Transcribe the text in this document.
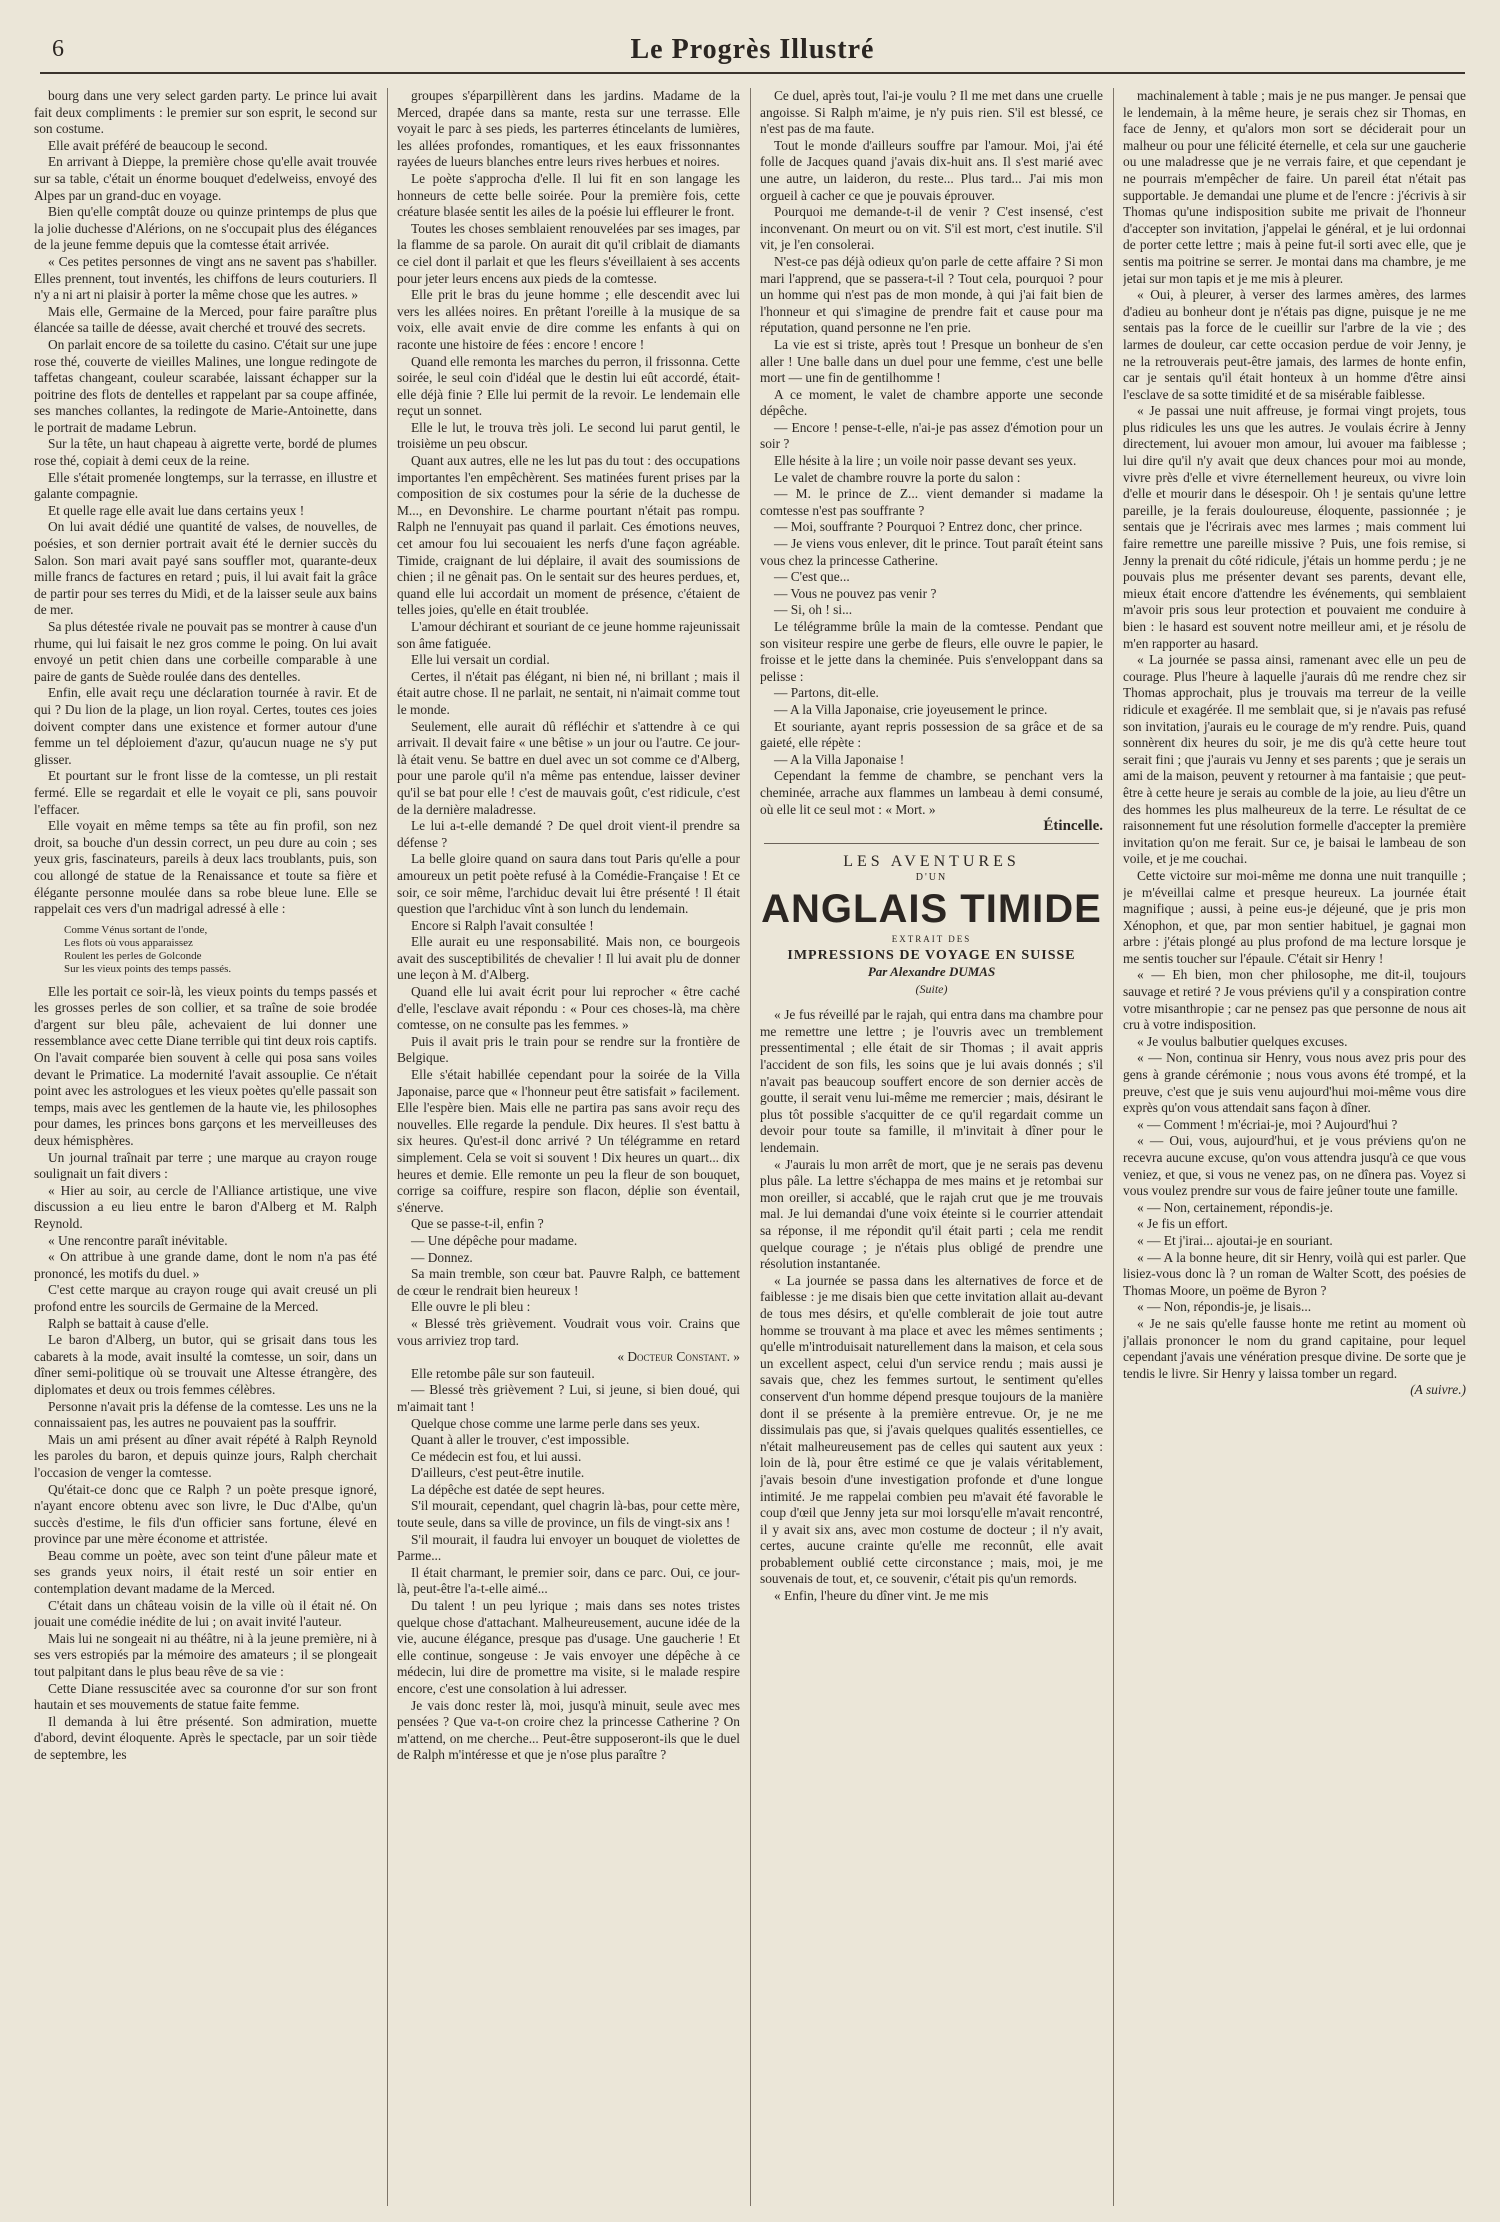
6	Le Progrès Illustré

bourg dans une very select garden party. Le prince lui avait fait deux compliments : le premier sur son esprit, le second sur son costume.

Elle avait préféré de beaucoup le second.

En arrivant à Dieppe, la première chose qu'elle avait trouvée sur sa table, c'était un énorme bouquet d'edelweiss, envoyé des Alpes par un grand-duc en voyage.

Bien qu'elle comptât douze ou quinze printemps de plus que la jolie duchesse d'Alérions, on ne s'occupait plus des élégances de la jeune femme depuis que la comtesse était arrivée.

« Ces petites personnes de vingt ans ne savent pas s'habiller. Elles prennent, tout inventés, les chiffons de leurs couturiers. Il n'y a ni art ni plaisir à porter la même chose que les autres. »

Mais elle, Germaine de la Merced, pour faire paraître plus élancée sa taille de déesse, avait cherché et trouvé des secrets.

On parlait encore de sa toilette du casino. C'était sur une jupe rose thé, couverte de vieilles Malines, une longue redingote de taffetas changeant, couleur scarabée, laissant échapper sur la poitrine des flots de dentelles et rappelant par sa coupe affinée, ses manches collantes, la redingote de Marie-Antoinette, dans le portrait de madame Lebrun.

Sur la tête, un haut chapeau à aigrette verte, bordé de plumes rose thé, copiait à demi ceux de la reine.

Elle s'était promenée longtemps, sur la terrasse, en illustre et galante compagnie.

Et quelle rage elle avait lue dans certains yeux !

On lui avait dédié une quantité de valses, de nouvelles, de poésies, et son dernier portrait avait été le dernier succès du Salon. Son mari avait payé sans souffler mot, quarante-deux mille francs de factures en retard ; puis, il lui avait fait la grâce de partir pour ses terres du Midi, et de la laisser seule aux bains de mer.

Sa plus détestée rivale ne pouvait pas se montrer à cause d'un rhume, qui lui faisait le nez gros comme le poing. On lui avait envoyé un petit chien dans une corbeille comparable à une paire de gants de Suède roulée dans des dentelles.

Enfin, elle avait reçu une déclaration tournée à ravir. Et de qui ? Du lion de la plage, un lion royal. Certes, toutes ces joies doivent compter dans une existence et former autour d'une femme un tel déploiement d'azur, qu'aucun nuage ne s'y put glisser.

Et pourtant sur le front lisse de la comtesse, un pli restait fermé. Elle se regardait et elle le voyait ce pli, sans pouvoir l'effacer.

Elle voyait en même temps sa tête au fin profil, son nez droit, sa bouche d'un dessin correct, un peu dure au coin ; ses yeux gris, fascinateurs, pareils à deux lacs troublants, puis, son cou allongé de statue de la Renaissance et toute sa fière et élégante personne moulée dans sa robe bleue lune. Elle se rappelait ces vers d'un madrigal adressé à elle :

Comme Vénus sortant de l'onde,
Les flots où vous apparaissez
Roulent les perles de Golconde
Sur les vieux points des temps passés.

Elle les portait ce soir-là, les vieux points du temps passés et les grosses perles de son collier, et sa traîne de soie brodée d'argent sur bleu pâle, achevaient de lui donner une ressemblance avec cette Diane terrible qui tint deux rois captifs. On l'avait comparée bien souvent à celle qui posa sans voiles devant le Primatice. La modernité l'avait assouplie. Ce n'était point avec les astrologues et les vieux poètes qu'elle passait son temps, mais avec les gentlemen de la haute vie, les philosophes pour dames, les princes bons garçons et les merveilleuses des deux hémisphères.

Un journal traînait par terre ; une marque au crayon rouge soulignait un fait divers :

« Hier au soir, au cercle de l'Alliance artistique, une vive discussion a eu lieu entre le baron d'Alberg et M. Ralph Reynold.

« Une rencontre paraît inévitable.

« On attribue à une grande dame, dont le nom n'a pas été prononcé, les motifs du duel. »

C'est cette marque au crayon rouge qui avait creusé un pli profond entre les sourcils de Germaine de la Merced.

Ralph se battait à cause d'elle.

Le baron d'Alberg, un butor, qui se grisait dans tous les cabarets à la mode, avait insulté la comtesse, un soir, dans un dîner semi-politique où se trouvait une Altesse étrangère, des diplomates et deux ou trois femmes célèbres.

Personne n'avait pris la défense de la comtesse. Les uns ne la connaissaient pas, les autres ne pouvaient pas la souffrir.

Mais un ami présent au dîner avait répété à Ralph Reynold les paroles du baron, et depuis quinze jours, Ralph cherchait l'occasion de venger la comtesse.

Qu'était-ce donc que ce Ralph ? un poète presque ignoré, n'ayant encore obtenu avec son livre, le Duc d'Albe, qu'un succès d'estime, le fils d'un officier sans fortune, élevé en province par une mère économe et attristée.

Beau comme un poète, avec son teint d'une pâleur mate et ses grands yeux noirs, il était resté un soir entier en contemplation devant madame de la Merced.

C'était dans un château voisin de la ville où il était né. On jouait une comédie inédite de lui ; on avait invité l'auteur.

Mais lui ne songeait ni au théâtre, ni à la jeune première, ni à ses vers estropiés par la mémoire des amateurs ; il se plongeait tout palpitant dans le plus beau rêve de sa vie :

Cette Diane ressuscitée avec sa couronne d'or sur son front hautain et ses mouvements de statue faite femme.

Il demanda à lui être présenté. Son admiration, muette d'abord, devint éloquente. Après le spectacle, par un soir tiède de septembre, les

groupes s'éparpillèrent dans les jardins. Madame de la Merced, drapée dans sa mante, resta sur une terrasse. Elle voyait le parc à ses pieds, les parterres étincelants de lumières, les allées profondes, romantiques, et les eaux frissonnantes rayées de lueurs blanches entre leurs rives herbues et noires.

Le poète s'approcha d'elle. Il lui fit en son langage les honneurs de cette belle soirée. Pour la première fois, cette créature blasée sentit les ailes de la poésie lui effleurer le front.

Toutes les choses semblaient renouvelées par ses images, par la flamme de sa parole. On aurait dit qu'il criblait de diamants ce ciel dont il parlait et que les fleurs s'éveillaient à ses accents pour jeter leurs encens aux pieds de la comtesse.

Elle prit le bras du jeune homme ; elle descendit avec lui vers les allées noires. En prêtant l'oreille à la musique de sa voix, elle avait envie de dire comme les enfants à qui on raconte une histoire de fées : encore ! encore !

Quand elle remonta les marches du perron, il frissonna. Cette soirée, le seul coin d'idéal que le destin lui eût accordé, était-elle déjà finie ? Elle lui permit de la revoir. Le lendemain elle reçut un sonnet.

Elle le lut, le trouva très joli. Le second lui parut gentil, le troisième un peu obscur.

Quant aux autres, elle ne les lut pas du tout : des occupations importantes l'en empêchèrent. Ses matinées furent prises par la composition de six costumes pour la série de la duchesse de M..., en Devonshire. Le charme pourtant n'était pas rompu. Ralph ne l'ennuyait pas quand il parlait. Ces émotions neuves, cet amour fou lui secouaient les nerfs d'une façon agréable. Timide, craignant de lui déplaire, il avait des soumissions de chien ; il ne gênait pas. On le sentait sur des heures perdues, et, quand elle lui accordait un moment de présence, c'étaient de telles joies, qu'elle en était troublée.

L'amour déchirant et souriant de ce jeune homme rajeunissait son âme fatiguée.

Elle lui versait un cordial.

Certes, il n'était pas élégant, ni bien né, ni brillant ; mais il était autre chose. Il ne parlait, ne sentait, ni n'aimait comme tout le monde.

Seulement, elle aurait dû réfléchir et s'attendre à ce qui arrivait. Il devait faire « une bêtise » un jour ou l'autre. Ce jour-là était venu. Se battre en duel avec un sot comme ce d'Alberg, pour une parole qu'il n'a même pas entendue, laisser deviner qu'il se bat pour elle ! c'est de mauvais goût, c'est ridicule, c'est de la dernière maladresse.

Le lui a-t-elle demandé ? De quel droit vient-il prendre sa défense ?

La belle gloire quand on saura dans tout Paris qu'elle a pour amoureux un petit poète refusé à la Comédie-Française ! Et ce soir, ce soir même, l'archiduc devait lui être présenté ! Il était question que l'archiduc vînt à son lunch du lendemain.

Encore si Ralph l'avait consultée !

Elle aurait eu une responsabilité. Mais non, ce bourgeois avait des susceptibilités de chevalier ! Il lui avait plu de donner une leçon à M. d'Alberg.

Quand elle lui avait écrit pour lui reprocher « être caché d'elle, l'esclave avait répondu : « Pour ces choses-là, ma chère comtesse, on ne consulte pas les femmes. »

Puis il avait pris le train pour se rendre sur la frontière de Belgique.

Elle s'était habillée cependant pour la soirée de la Villa Japonaise, parce que « l'honneur peut être satisfait » facilement. Elle l'espère bien. Mais elle ne partira pas sans avoir reçu des nouvelles. Elle regarde la pendule. Dix heures. Il s'est battu à six heures. Qu'est-il donc arrivé ? Un télégramme en retard simplement. Cela se voit si souvent ! Dix heures un quart... dix heures et demie. Elle remonte un peu la fleur de son bouquet, corrige sa coiffure, respire son flacon, déplie son éventail, s'énerve.

Que se passe-t-il, enfin ?

— Une dépêche pour madame.

— Donnez.

Sa main tremble, son cœur bat. Pauvre Ralph, ce battement de cœur le rendrait bien heureux !

Elle ouvre le pli bleu :

« Blessé très grièvement. Voudrait vous voir. Crains que vous arriviez trop tard.

« Docteur Constant. »

Elle retombe pâle sur son fauteuil.

— Blessé très grièvement ? Lui, si jeune, si bien doué, qui m'aimait tant !

Quelque chose comme une larme perle dans ses yeux.

Quant à aller le trouver, c'est impossible.

Ce médecin est fou, et lui aussi.

D'ailleurs, c'est peut-être inutile.

La dépêche est datée de sept heures.

S'il mourait, cependant, quel chagrin là-bas, pour cette mère, toute seule, dans sa ville de province, un fils de vingt-six ans !

S'il mourait, il faudra lui envoyer un bouquet de violettes de Parme...

Il était charmant, le premier soir, dans ce parc. Oui, ce jour-là, peut-être l'a-t-elle aimé...

Du talent ! un peu lyrique ; mais dans ses notes tristes quelque chose d'attachant. Malheureusement, aucune idée de la vie, aucune élégance, presque pas d'usage. Une gaucherie ! Et elle continue, songeuse : Je vais envoyer une dépêche à ce médecin, lui dire de promettre ma visite, si le malade respire encore, c'est une consolation à lui adresser.

Je vais donc rester là, moi, jusqu'à minuit, seule avec mes pensées ? Que va-t-on croire chez la princesse Catherine ? On m'attend, on me cherche... Peut-être supposeront-ils que le duel de Ralph m'intéresse et que je n'ose plus paraître ?

Ce duel, après tout, l'ai-je voulu ? Il me met dans une cruelle angoisse. Si Ralph m'aime, je n'y puis rien. S'il est blessé, ce n'est pas de ma faute.

Tout le monde d'ailleurs souffre par l'amour. Moi, j'ai été folle de Jacques quand j'avais dix-huit ans. Il s'est marié avec une autre, un laideron, du reste... Plus tard... J'ai mis mon orgueil à cacher ce que je pouvais éprouver.

Pourquoi me demande-t-il de venir ? C'est insensé, c'est inconvenant. On meurt ou on vit. S'il est mort, c'est inutile. S'il vit, je l'en consolerai.

N'est-ce pas déjà odieux qu'on parle de cette affaire ? Si mon mari l'apprend, que se passera-t-il ? Tout cela, pourquoi ? pour un homme qui n'est pas de mon monde, à qui j'ai fait bien de l'honneur et qui s'imagine de prendre fait et cause pour ma réputation, quand personne ne l'en prie.

La vie est si triste, après tout ! Presque un bonheur de s'en aller ! Une balle dans un duel pour une femme, c'est une belle mort — une fin de gentilhomme !

A ce moment, le valet de chambre apporte une seconde dépêche.

— Encore ! pense-t-elle, n'ai-je pas assez d'émotion pour un soir ?

Elle hésite à la lire ; un voile noir passe devant ses yeux.

Le valet de chambre rouvre la porte du salon :

— M. le prince de Z... vient demander si madame la comtesse n'est pas souffrante ?

— Moi, souffrante ? Pourquoi ? Entrez donc, cher prince.

— Je viens vous enlever, dit le prince. Tout paraît éteint sans vous chez la princesse Catherine.

— C'est que...

— Vous ne pouvez pas venir ?

— Si, oh ! si...

Le télégramme brûle la main de la comtesse. Pendant que son visiteur respire une gerbe de fleurs, elle ouvre le papier, le froisse et le jette dans la cheminée. Puis s'enveloppant dans sa pelisse :

— Partons, dit-elle.

— A la Villa Japonaise, crie joyeusement le prince.

Et souriante, ayant repris possession de sa grâce et de sa gaieté, elle répète :

— A la Villa Japonaise !

Cependant la femme de chambre, se penchant vers la cheminée, arrache aux flammes un lambeau à demi consumé, où elle lit ce seul mot : « Mort. »

Étincelle.

LES AVENTURES
D'UN
ANGLAIS TIMIDE
EXTRAIT DES
IMPRESSIONS DE VOYAGE EN SUISSE
Par Alexandre DUMAS
(Suite)

« Je fus réveillé par le rajah, qui entra dans ma chambre pour me remettre une lettre ; je l'ouvris avec un tremblement pressentimental ; elle était de sir Thomas ; il avait appris l'accident de son fils, les soins que je lui avais donnés ; s'il n'avait pas beaucoup souffert encore de son dernier accès de goutte, il serait venu lui-même me remercier ; mais, désirant le plus tôt possible s'acquitter de ce qu'il regardait comme un devoir pour toute sa famille, il m'invitait à dîner pour le lendemain.

« J'aurais lu mon arrêt de mort, que je ne serais pas devenu plus pâle. La lettre s'échappa de mes mains et je retombai sur mon oreiller, si accablé, que le rajah crut que je me trouvais mal. Je lui demandai d'une voix éteinte si le courrier attendait sa réponse, il me répondit qu'il était parti ; cela me rendit quelque courage ; je n'étais plus obligé de prendre une résolution instantanée.

« La journée se passa dans les alternatives de force et de faiblesse : je me disais bien que cette invitation allait au-devant de tous mes désirs, et qu'elle comblerait de joie tout autre homme se trouvant à ma place et avec les mêmes sentiments ; qu'elle m'introduisait naturellement dans la maison, et cela sous un excellent aspect, celui d'un service rendu ; mais aussi je savais que, chez les femmes surtout, le sentiment qu'elles conservent d'un homme dépend presque toujours de la manière dont il se présente à la première entrevue. Or, je ne me dissimulais pas que, si j'avais quelques qualités essentielles, ce n'était malheureusement pas de celles qui sautent aux yeux : loin de là, pour être estimé ce que je valais véritablement, j'avais besoin d'une investigation profonde et d'une longue intimité. Je me rappelai combien peu m'avait été favorable le coup d'œil que Jenny jeta sur moi lorsqu'elle m'avait rencontré, il y avait six ans, avec mon costume de docteur ; il n'y avait, certes, aucune crainte qu'elle me reconnût, elle avait probablement oublié cette circonstance ; mais, moi, je me souvenais de tout, et, ce souvenir, c'était pis qu'un remords.

« Enfin, l'heure du dîner vint. Je me mis

machinalement à table ; mais je ne pus manger. Je pensai que le lendemain, à la même heure, je serais chez sir Thomas, en face de Jenny, et qu'alors mon sort se déciderait pour un malheur ou pour une félicité éternelle, et cela sur une gaucherie ou une maladresse que je ne verrais faire, et que cependant je ne pourrais m'empêcher de faire. Un pareil état n'était pas supportable. Je demandai une plume et de l'encre : j'écrivis à sir Thomas qu'une indisposition subite me privait de l'honneur d'accepter son invitation, j'appelai le général, et je lui ordonnai de porter cette lettre ; mais à peine fut-il sorti avec elle, que je sentis ma poitrine se serrer. Je montai dans ma chambre, je me jetai sur mon tapis et je me mis à pleurer.

« Oui, à pleurer, à verser des larmes amères, des larmes d'adieu au bonheur dont je n'étais pas digne, puisque je ne me sentais pas la force de le cueillir sur l'arbre de la vie ; des larmes de douleur, car cette occasion perdue de voir Jenny, je ne la retrouverais peut-être jamais, des larmes de honte enfin, car je sentais qu'il était honteux à un homme d'être ainsi l'esclave de sa sotte timidité et de sa misérable faiblesse.

« Je passai une nuit affreuse, je formai vingt projets, tous plus ridicules les uns que les autres. Je voulais écrire à Jenny directement, lui avouer mon amour, lui avouer ma faiblesse ; lui dire qu'il n'y avait que deux chances pour moi au monde, vivre près d'elle et vivre éternellement heureux, ou vivre loin d'elle et mourir dans le désespoir. Oh ! je sentais qu'une lettre pareille, je la ferais douloureuse, éloquente, passionnée ; je sentais que je l'écrirais avec mes larmes ; mais comment lui faire remettre une pareille missive ? Puis, une fois remise, si Jenny la prenait du côté ridicule, j'étais un homme perdu ; je ne pouvais plus me présenter devant ses parents, devant elle, mieux était encore d'attendre les événements, qui semblaient m'avoir pris sous leur protection et pouvaient me conduire à bien : le hasard est souvent notre meilleur ami, et je résolu de m'en rapporter au hasard.

« La journée se passa ainsi, ramenant avec elle un peu de courage. Plus l'heure à laquelle j'aurais dû me rendre chez sir Thomas approchait, plus je trouvais ma terreur de la veille ridicule et exagérée. Il me semblait que, si je n'avais pas refusé son invitation, j'aurais eu le courage de m'y rendre. Puis, quand sonnèrent dix heures du soir, je me dis qu'à cette heure tout serait fini ; que j'aurais vu Jenny et ses parents ; que je serais un ami de la maison, peuvent y retourner à ma fantaisie ; que peut-être à cette heure je serais au comble de la joie, au lieu d'être un des hommes les plus malheureux de la terre. Le résultat de ce raisonnement fut une résolution formelle d'accepter la première invitation qu'on me ferait. Sur ce, je baisai le lambeau de son voile, et je me couchai.

Cette victoire sur moi-même me donna une nuit tranquille ; je m'éveillai calme et presque heureux. La journée était magnifique ; aussi, à peine eus-je déjeuné, que je pris mon Xénophon, et que, par mon sentier habituel, je gagnai mon arbre : j'étais plongé au plus profond de ma lecture lorsque je me sentis toucher sur l'épaule. C'était sir Henry !

« — Eh bien, mon cher philosophe, me dit-il, toujours sauvage et retiré ? Je vous préviens qu'il y a conspiration contre votre misanthropie ; car ne pensez pas que personne de nous ait cru à votre indisposition.

« Je voulus balbutier quelques excuses.

« — Non, continua sir Henry, vous nous avez pris pour des gens à grande cérémonie ; nous vous avons été trompé, et la preuve, c'est que je suis venu aujourd'hui moi-même vous dire exprès qu'on vous attendait sans façon à dîner.

« — Comment ! m'écriai-je, moi ? Aujourd'hui ?

« — Oui, vous, aujourd'hui, et je vous préviens qu'on ne recevra aucune excuse, qu'on vous attendra jusqu'à ce que vous veniez, et que, si vous ne venez pas, on ne dînera pas. Voyez si vous voulez prendre sur vous de faire jeûner toute une famille.

« — Non, certainement, répondis-je.

« Je fis un effort.

« — Et j'irai... ajoutai-je en souriant.

« — A la bonne heure, dit sir Henry, voilà qui est parler. Que lisiez-vous donc là ? un roman de Walter Scott, des poésies de Thomas Moore, un poëme de Byron ?

« — Non, répondis-je, je lisais...

« Je ne sais qu'elle fausse honte me retint au moment où j'allais prononcer le nom du grand capitaine, pour lequel cependant j'avais une vénération presque divine. De sorte que je tendis le livre. Sir Henry y laissa tomber un regard.

(A suivre.)
